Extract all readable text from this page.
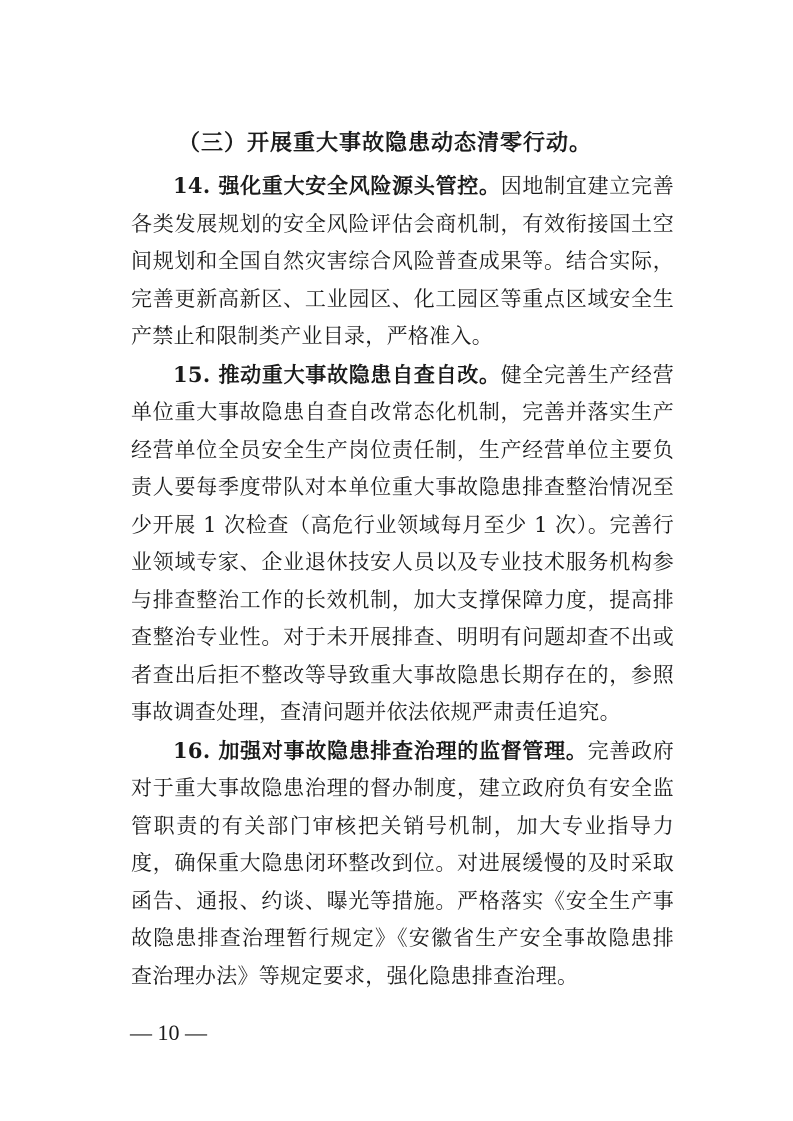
（三）开展重大事故隐患动态清零行动。

14. 强化重大安全风险源头管控。因地制宜建立完善各类发展规划的安全风险评估会商机制，有效衔接国土空间规划和全国自然灾害综合风险普查成果等。结合实际，完善更新高新区、工业园区、化工园区等重点区域安全生产禁止和限制类产业目录，严格准入。

15. 推动重大事故隐患自查自改。健全完善生产经营单位重大事故隐患自查自改常态化机制，完善并落实生产经营单位全员安全生产岗位责任制，生产经营单位主要负责人要每季度带队对本单位重大事故隐患排查整治情况至少开展 1 次检查（高危行业领域每月至少 1 次）。完善行业领域专家、企业退休技安人员以及专业技术服务机构参与排查整治工作的长效机制，加大支撑保障力度，提高排查整治专业性。对于未开展排查、明明有问题却查不出或者查出后拒不整改等导致重大事故隐患长期存在的，参照事故调查处理，查清问题并依法依规严肃责任追究。

16. 加强对事故隐患排查治理的监督管理。完善政府对于重大事故隐患治理的督办制度，建立政府负有安全监管职责的有关部门审核把关销号机制，加大专业指导力度，确保重大隐患闭环整改到位。对进展缓慢的及时采取函告、通报、约谈、曝光等措施。严格落实《安全生产事故隐患排查治理暂行规定》《安徽省生产安全事故隐患排查治理办法》等规定要求，强化隐患排查治理。

— 10 —
